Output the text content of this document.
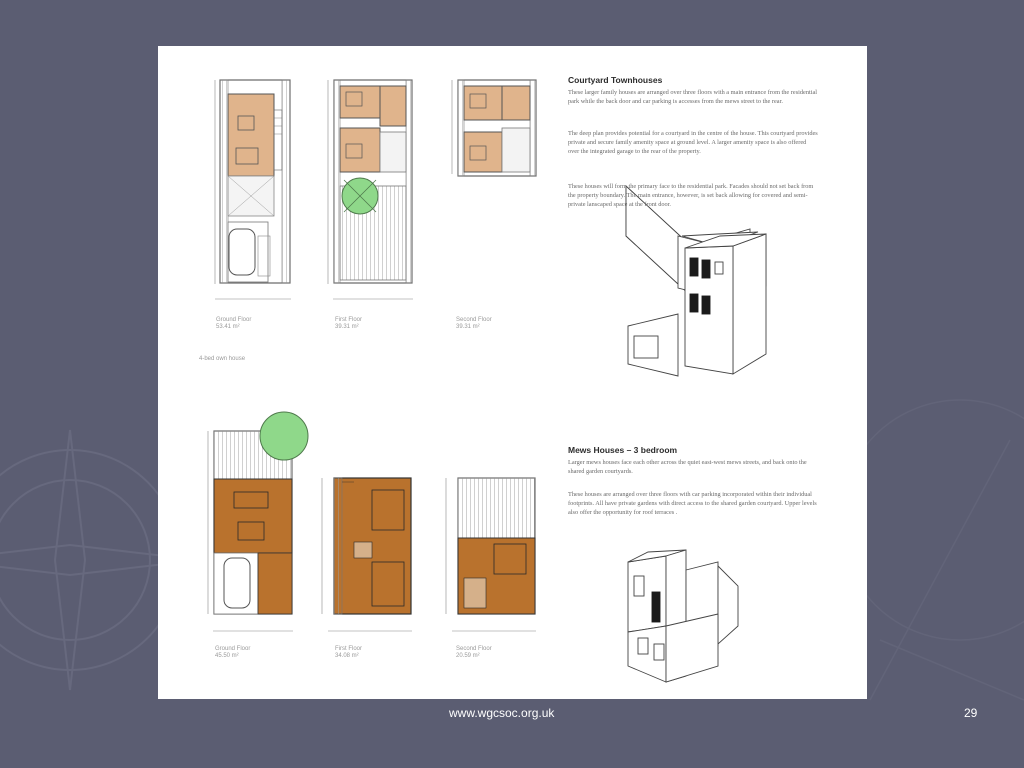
Ground Floor
53.41 m²
First Floor
39.31 m²
Second Floor
39.31 m²
4-bed own house
Courtyard Townhouses

These larger family houses are arranged over three floors with a main entrance from the residential park while the back door and car parking is accesses from the mews street to the rear.

The deep plan provides potential for a courtyard in the centre of the house. This courtyard provides private and secure family amenity space at ground level. A larger amenity space is also offered over the integrated garage to the rear of the property.

These houses will form the primary face to the residential park. Facades should not set back from the property boundary. The main entrance, however, is set back allowing for covered and semi-private lanscaped space at the front door.

Ground Floor
45.50 m²
First Floor
34.08 m²
Second Floor
20.59 m²
Mews Houses – 3 bedroom

Larger mews houses face each other across the quiet east-west mews streets, and back onto the shared garden courtyards.

These houses are arranged over three floors with car parking incorporated within their individual footprints. All have private gardens with direct access to the shared garden courtyard. Upper levels also offer the opportunity for roof terraces .

www.wgcsoc.org.uk	29
